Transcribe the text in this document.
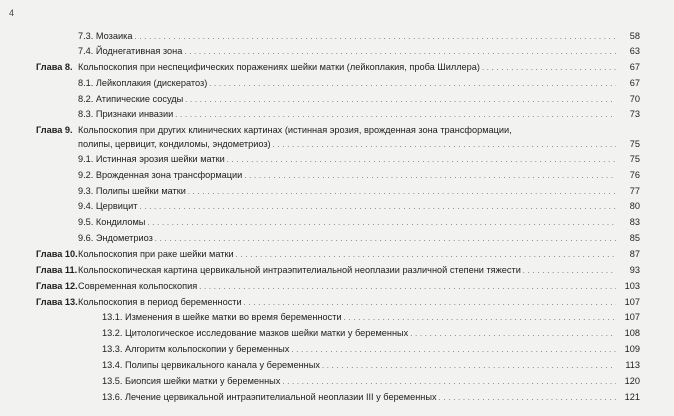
4
7.3. Мозаика . . .	58
7.4. Йоднегативная зона . . .	63
Глава 8. Кольпоскопия при неспецифических поражениях шейки матки (лейкоплакия, проба Шиллера) . . .	67
8.1. Лейкоплакия (дискератоз) . . .	67
8.2. Атипические сосуды . . .	70
8.3. Признаки инвазии . . .	73
Глава 9. Кольпоскопия при других клинических картинах (истинная эрозия, врожденная зона трансформации,
полипы, цервицит, кондиломы, эндометриоз) . . .	75
9.1. Истинная эрозия шейки матки . . .	75
9.2. Врожденная зона трансформации . . .	76
9.3. Полипы шейки матки . . .	77
9.4. Цервицит . . .	80
9.5. Кондиломы . . .	83
9.6. Эндометриоз . . .	85
Глава 10. Кольпоскопия при раке шейки матки . . .	87
Глава 11. Кольпоскопическая картина цервикальной интраэпителиальной неоплазии различной степени тяжести . . .	93
Глава 12. Современная кольпоскопия . . .	103
Глава 13. Кольпоскопия в период беременности . . .	107
13.1. Изменения в шейке матки во время беременности . . .	107
13.2. Цитологическое исследование мазков шейки матки у беременных . . .	108
13.3. Алгоритм кольпоскопии у беременных . . .	109
13.4. Полипы цервикального канала у беременных . . .	113
13.5. Биопсия шейки матки у беременных . . .	120
13.6. Лечение цервикальной интраэпителиальной неоплазии III у беременных . . .	121
